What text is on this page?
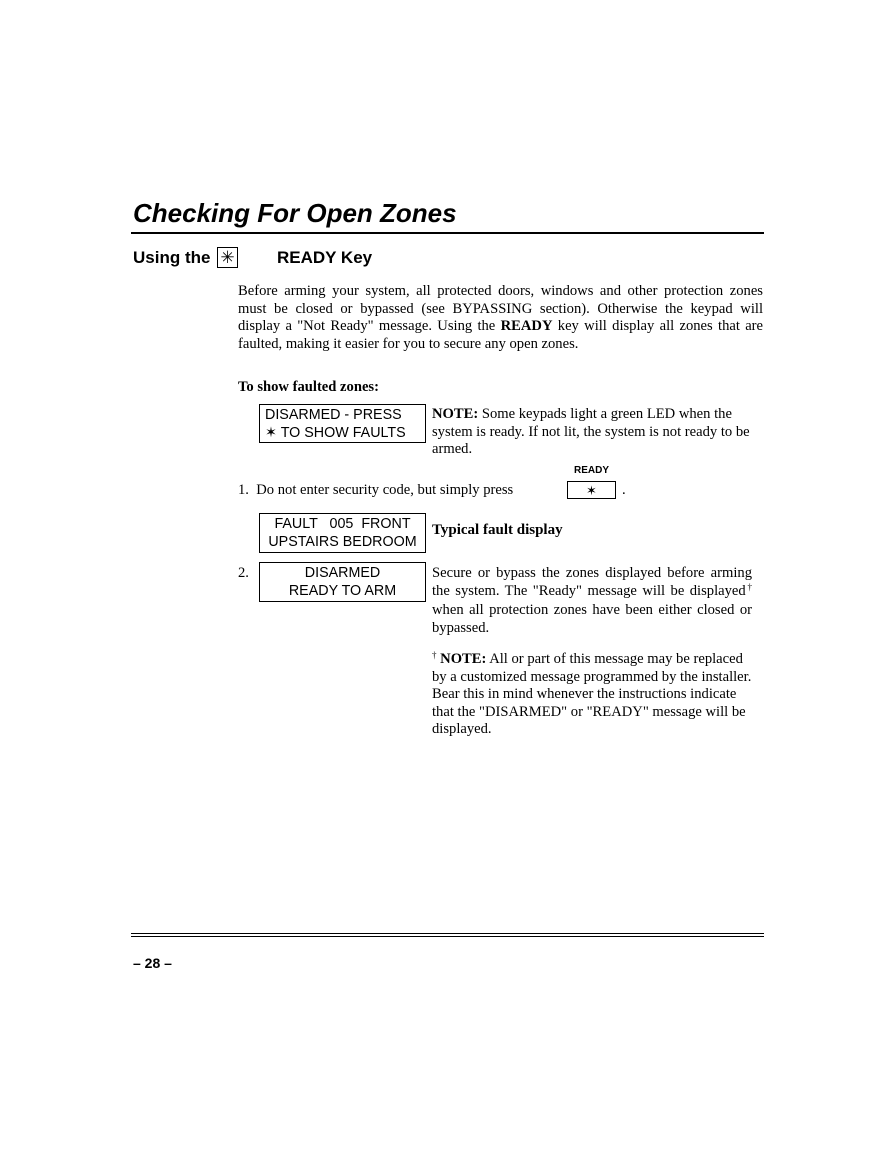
Checking For Open Zones
Using the ✳ READY Key
Before arming your system, all protected doors, windows and other protection zones must be closed or bypassed (see BYPASSING section). Otherwise the keypad will display a "Not Ready" message. Using the READY key will display all zones that are faulted, making it easier for you to secure any open zones.
To show faulted zones:
DISARMED - PRESS
✶ TO SHOW FAULTS
NOTE: Some keypads light a green LED when the system is ready. If not lit, the system is not ready to be armed.
READY
1. Do not enter security code, but simply press	✶	.
FAULT   005  FRONT
UPSTAIRS BEDROOM
Typical fault display
2.	DISARMED
READY TO ARM
Secure or bypass the zones displayed before arming the system. The "Ready" message will be displayed† when all protection zones have been either closed or bypassed.
† NOTE: All or part of this message may be replaced by a customized message programmed by the installer. Bear this in mind whenever the instructions indicate that the "DISARMED" or "READY" message will be displayed.
– 28 –
